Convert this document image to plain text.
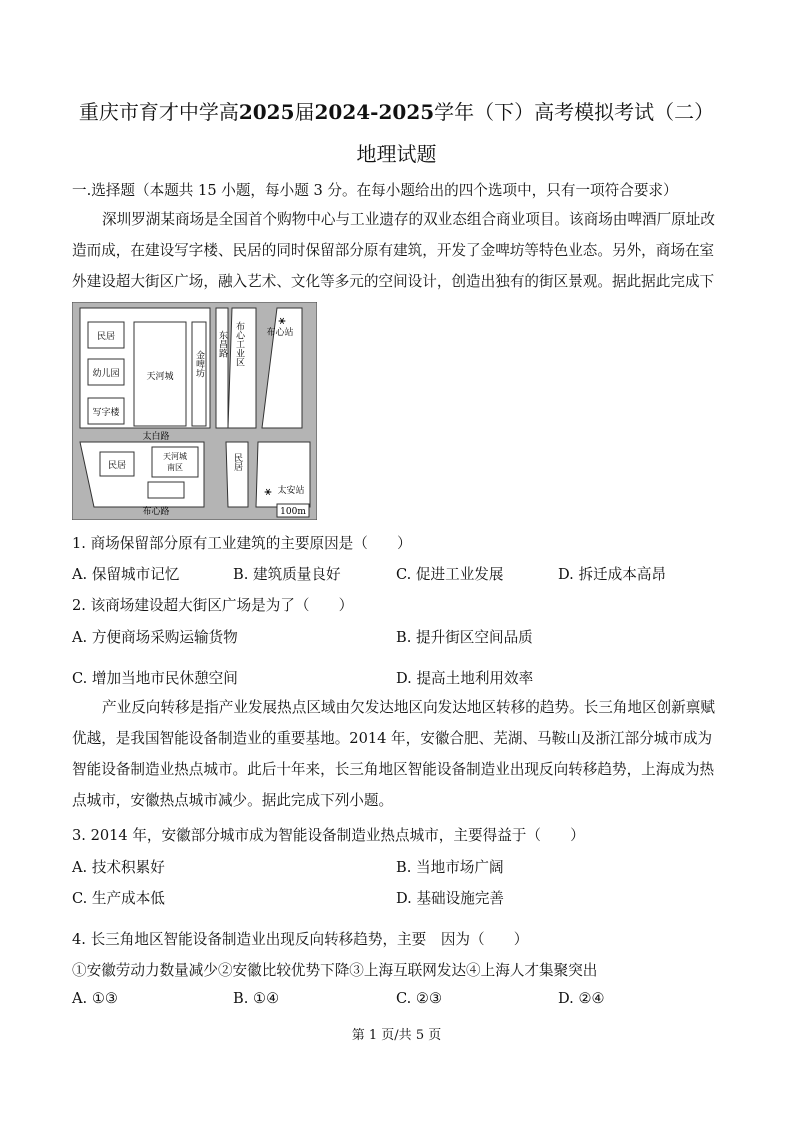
重庆市育才中学高2025届2024-2025学年（下）高考模拟考试（二）
地理试题
一.选择题（本题共 15 小题，每小题 3 分。在每小题给出的四个选项中，只有一项符合要求）
深圳罗湖某商场是全国首个购物中心与工业遗存的双业态组合商业项目。该商场由啤酒厂原址改造而成，在建设写字楼、民居的同时保留部分原有建筑，开发了金啤坊等特色业态。另外，商场在室外建设超大街区广场，融入艺术、文化等多元的空间设计，创造出独有的街区景观。据此据此完成下
民居
幼儿园
写字楼
天河城 金啤坊
东昌路 布心工业区
⚹
布心站
太白路
民居
天河城
南区	民居
⚹ 太安站
布心路	100m
1. 商场保留部分原有工业建筑的主要原因是（　　）
A. 保留城市记忆	B. 建筑质量良好	C. 促进工业发展	D. 拆迁成本高昂
2. 该商场建设超大街区广场是为了（　　）
A. 方便商场采购运输货物	B. 提升街区空间品质
C. 增加当地市民休憩空间	D. 提高土地利用效率
产业反向转移是指产业发展热点区域由欠发达地区向发达地区转移的趋势。长三角地区创新禀赋优越，是我国智能设备制造业的重要基地。2014 年，安徽合肥、芜湖、马鞍山及浙江部分城市成为智能设备制造业热点城市。此后十年来，长三角地区智能设备制造业出现反向转移趋势，上海成为热点城市，安徽热点城市减少。据此完成下列小题。
3. 2014 年，安徽部分城市成为智能设备制造业热点城市，主要得益于（　　）
A. 技术积累好	B. 当地市场广阔
C. 生产成本低	D. 基础设施完善
4. 长三角地区智能设备制造业出现反向转移趋势，主要　因为（　　）
①安徽劳动力数量减少②安徽比较优势下降③上海互联网发达④上海人才集聚突出
A. ①③	B. ①④	C. ②③	D. ②④
第 1 页/共 5 页
